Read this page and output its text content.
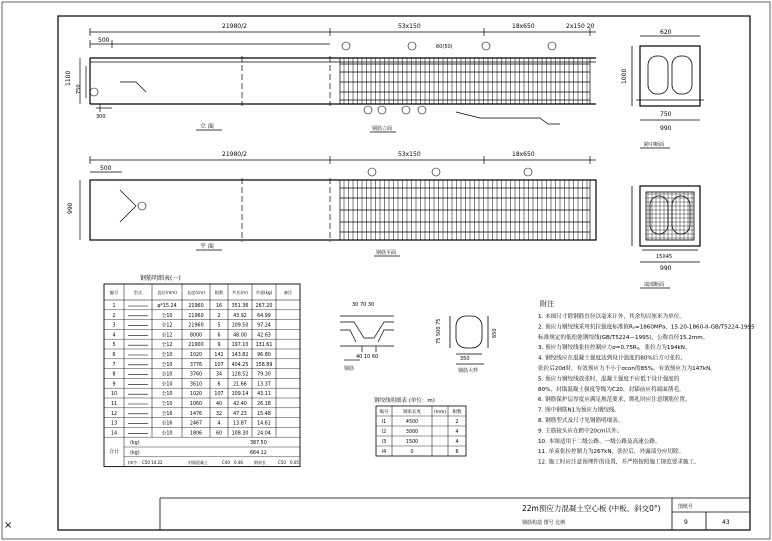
×
21980/2	53x150	18x650	2x150 20
500
1100
750
300
60(50)
立 面	钢筋立面
21980/2	53x150	18x650
500
990
平 面
钢筋平面
620
750
990
1000
跨中断面
15X45
990
端部断面
钢筋明细表(一)
编号	型式	直径(mm) 长度(cm) 根数 共长(m) 共重(kg)	备注
1	φ*15.24 21960	16 351.36 267.20
2	全10	21960	2	43.92 64.99
3	全12	21960	5 109.50 97.24
4	全12	8000	6	48.00 42.63
5	全12	21900	9 197.10 131.61
6	全10	1020	141 143.82 96.80
7	全10	3776	107 404.25 158.89
8	全10	3760	34 128.52 79.30
9	全10	3610	6	21.66 13.37
10	全10	1020	107 109.14 43.11
11	全10	1060	40 42.40 26.18
12	全16	1476	32 47.23 15.48
13	全16	2467	4	13.87 14.61
14	全10	1806	60 108.30 24.04
合计
(kg)	387.50
(kg)	664.12
(m³) C50 10.22	封锚混凝土	C40 0.46	钢束长	C50 0.05
30 70 30
40 10 60
钢筋
75 500 75
350
650
钢筋大样
钢绞线明细表 (单位：m)
编号	钢束长度	(mm) 根数
l1	4500	2
l2	3000	4
l3	1500	4
l4	0	6
附注
1. 本图尺寸除钢筋直径以毫米计外，其余均以厘米为单位。
2. 预应力钢绞线采用抗拉强度标准值Rᵧ=1860MPa、15.20-1860-II-GB/T5224-1995
标准规定的低松弛钢绞线(GB/T5224—1995)，公称直径15.2mm。
3. 预应力钢绞线张拉控制应力σ=0.75Rᵧ，张拉力为194kN。
4. 钢绞线应在混凝土强度达到设计强度的80%后方可张拉，
张拉后20d时，有效预应力不小于σcon的85%，有效预应力为147kN。
5. 预应力钢绞线放张时，混凝土强度不应低于设计强度的
80%，封锚混凝土强度等级为C20，封锚前应将端面凿毛。
6. 钢筋保护层厚度应满足规范要求，绑扎时应注意钢筋位置。
7. 图中钢筋N1为预应力钢绞线。
8. 钢筋型式及尺寸见钢筋明细表。
9. 主筋接头应在跨中20cm以外。
10. 本图适用于二级公路、一级公路及高速公路。
11. 单束张拉控制力为267kN，张拉后，外露部分应切除。
12. 施工时应注意预埋件的设置，并严格按照施工规范要求施工。
22m预应力混凝土空心板 (中板、斜交0°)
钢筋构造 图号 比例
图纸号
9	43
